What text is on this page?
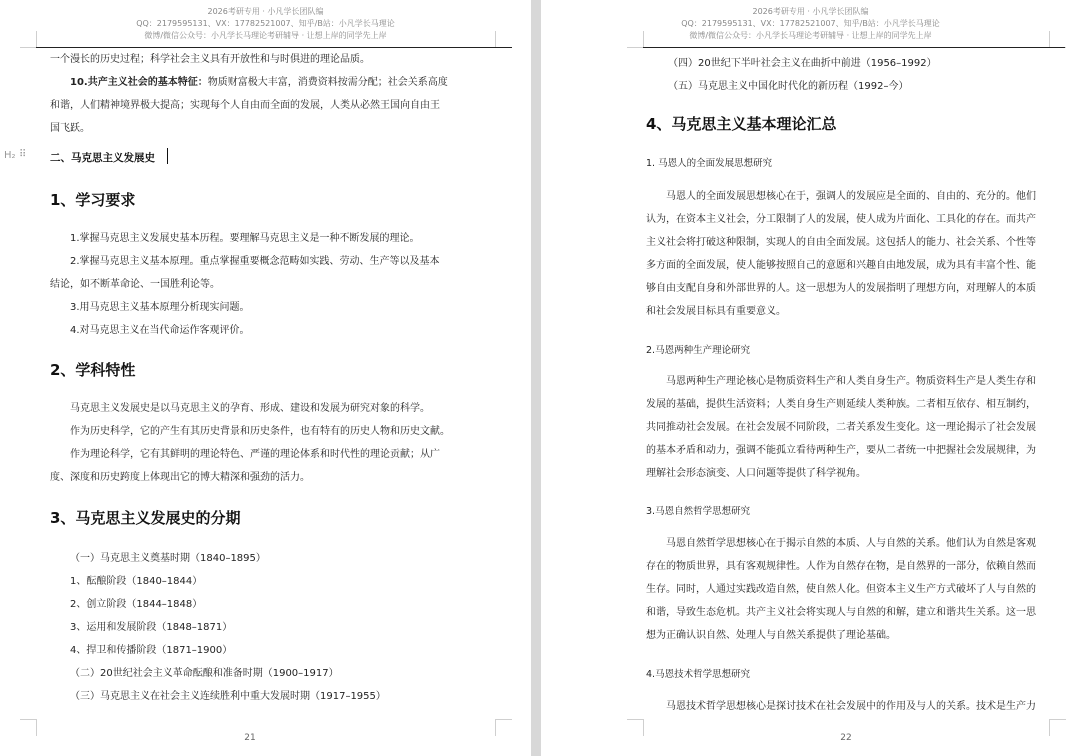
2026考研专用 · 小凡学长团队编
QQ：2179595131、VX：17782521007、知乎/B站：小凡学长马理论
微博/微信公众号：小凡学长马理论考研辅导 · 让想上岸的同学先上岸
一个漫长的历史过程；科学社会主义具有开放性和与时俱进的理论品质。
10.共产主义社会的基本特征：物质财富极大丰富，消费资料按需分配；社会关系高度
和谐，人们精神境界极大提高；实现每个人自由而全面的发展，人类从必然王国向自由王
国飞跃。
H₂ ⠿ 二、马克思主义发展史
1、学习要求
1.掌握马克思主义发展史基本历程。要理解马克思主义是一种不断发展的理论。
2.掌握马克思主义基本原理。重点掌握重要概念范畴如实践、劳动、生产等以及基本
结论，如不断革命论、一国胜利论等。
3.用马克思主义基本原理分析现实问题。
4.对马克思主义在当代命运作客观评价。
2、学科特性
马克思主义发展史是以马克思主义的孕育、形成、建设和发展为研究对象的科学。
作为历史科学，它的产生有其历史背景和历史条件，也有特有的历史人物和历史文献。
作为理论科学，它有其鲜明的理论特色、严谨的理论体系和时代性的理论贡献；从广
度、深度和历史跨度上体现出它的博大精深和强劲的活力。
3、马克思主义发展史的分期
（一）马克思主义奠基时期（1840–1895）
1、酝酿阶段（1840–1844）
2、创立阶段（1844–1848）
3、运用和发展阶段（1848–1871）
4、捍卫和传播阶段（1871–1900）
（二）20世纪社会主义革命酝酿和准备时期（1900–1917）
（三）马克思主义在社会主义连续胜利中重大发展时期（1917–1955）
21
2026考研专用 · 小凡学长团队编
QQ：2179595131、VX：17782521007、知乎/B站：小凡学长马理论
微博/微信公众号：小凡学长马理论考研辅导 · 让想上岸的同学先上岸
（四）20世纪下半叶社会主义在曲折中前进（1956–1992）
（五）马克思主义中国化时代化的新历程（1992–今）
4、马克思主义基本理论汇总
1. 马恩人的全面发展思想研究
马恩人的全面发展思想核心在于，强调人的发展应是全面的、自由的、充分的。他们
认为，在资本主义社会，分工限制了人的发展，使人成为片面化、工具化的存在。而共产
主义社会将打破这种限制，实现人的自由全面发展。这包括人的能力、社会关系、个性等
多方面的全面发展，使人能够按照自己的意愿和兴趣自由地发展，成为具有丰富个性、能
够自由支配自身和外部世界的人。这一思想为人的发展指明了理想方向，对理解人的本质
和社会发展目标具有重要意义。
2.马恩两种生产理论研究
马恩两种生产理论核心是物质资料生产和人类自身生产。物质资料生产是人类生存和
发展的基础，提供生活资料；人类自身生产则延续人类种族。二者相互依存、相互制约，
共同推动社会发展。在社会发展不同阶段，二者关系发生变化。这一理论揭示了社会发展
的基本矛盾和动力，强调不能孤立看待两种生产，要从二者统一中把握社会发展规律，为
理解社会形态演变、人口问题等提供了科学视角。
3.马恩自然哲学思想研究
马恩自然哲学思想核心在于揭示自然的本质、人与自然的关系。他们认为自然是客观
存在的物质世界，具有客观规律性。人作为自然存在物，是自然界的一部分，依赖自然而
生存。同时，人通过实践改造自然，使自然人化。但资本主义生产方式破坏了人与自然的
和谐，导致生态危机。共产主义社会将实现人与自然的和解，建立和谐共生关系。这一思
想为正确认识自然、处理人与自然关系提供了理论基础。
4.马恩技术哲学思想研究
马恩技术哲学思想核心是探讨技术在社会发展中的作用及与人的关系。技术是生产力
22
